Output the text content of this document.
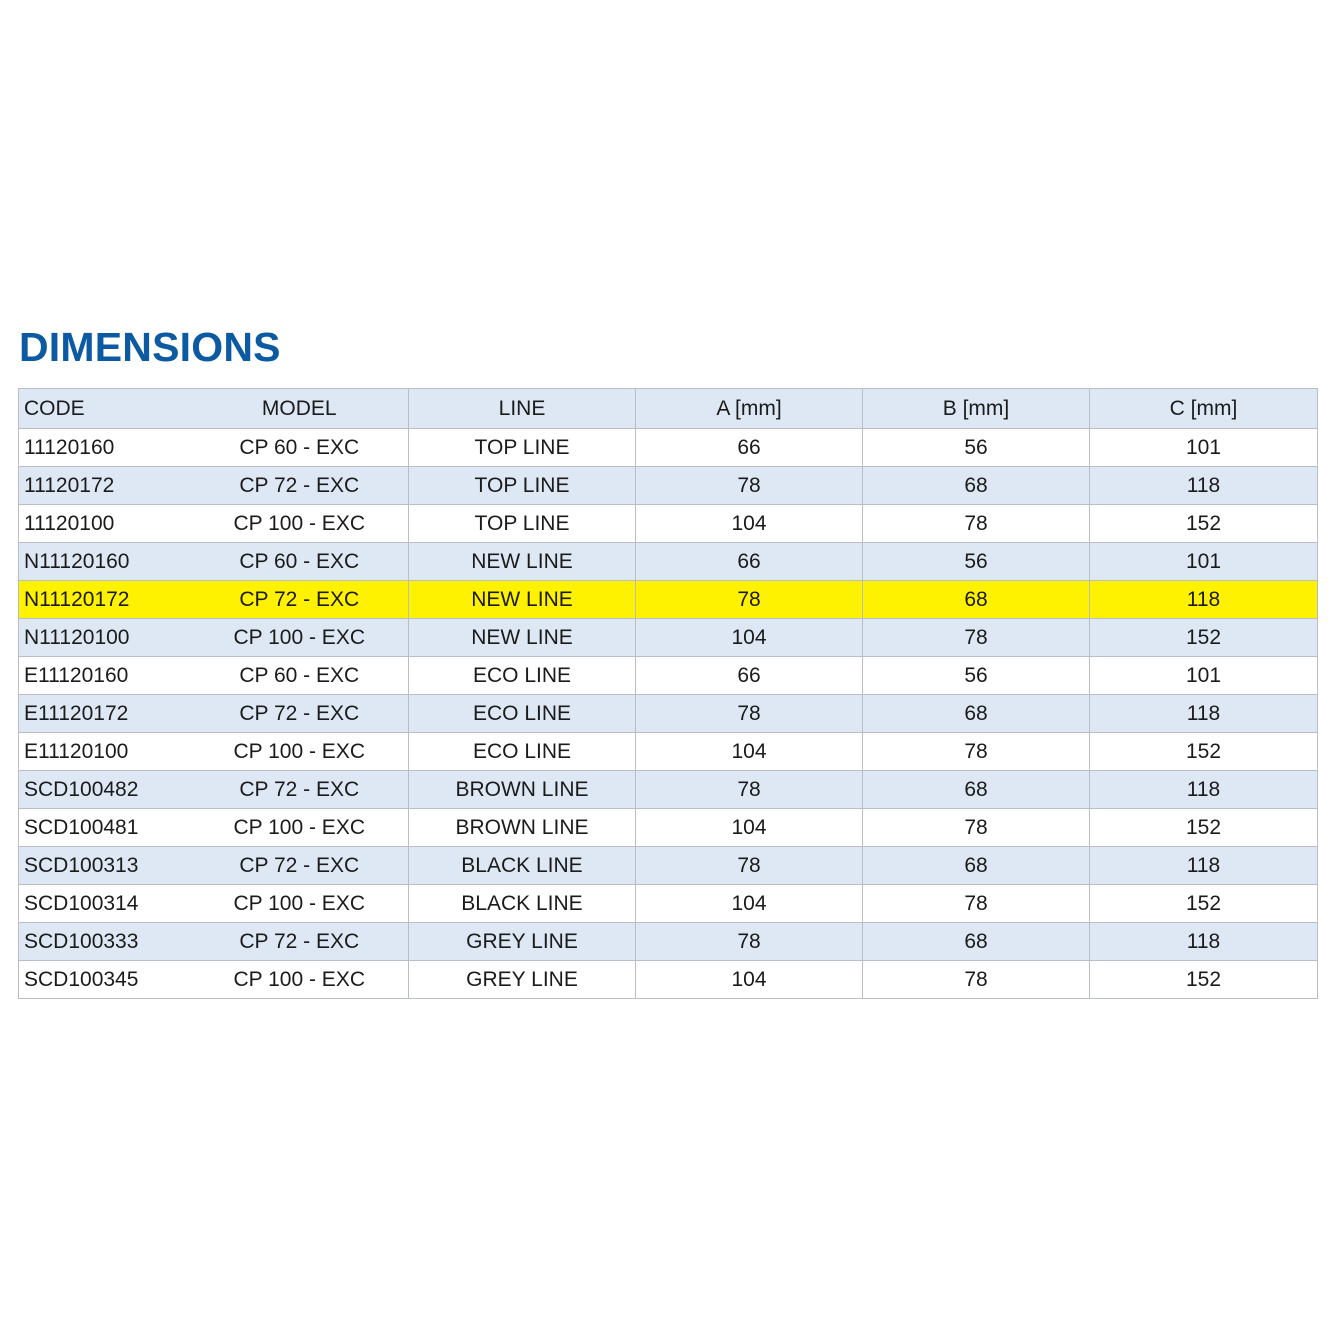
DIMENSIONS
CODE	MODEL	LINE	A [mm]	B [mm]	C [mm]
11120160	CP 60 - EXC	TOP LINE	66	56	101
11120172	CP 72 - EXC	TOP LINE	78	68	118
11120100	CP 100 - EXC	TOP LINE	104	78	152
N11120160	CP 60 - EXC	NEW LINE	66	56	101
N11120172	CP 72 - EXC	NEW LINE	78	68	118
N11120100	CP 100 - EXC	NEW LINE	104	78	152
E11120160	CP 60 - EXC	ECO LINE	66	56	101
E11120172	CP 72 - EXC	ECO LINE	78	68	118
E11120100	CP 100 - EXC	ECO LINE	104	78	152
SCD100482	CP 72 - EXC	BROWN LINE	78	68	118
SCD100481	CP 100 - EXC	BROWN LINE	104	78	152
SCD100313	CP 72 - EXC	BLACK LINE	78	68	118
SCD100314	CP 100 - EXC	BLACK LINE	104	78	152
SCD100333	CP 72 - EXC	GREY LINE	78	68	118
SCD100345	CP 100 - EXC	GREY LINE	104	78	152
